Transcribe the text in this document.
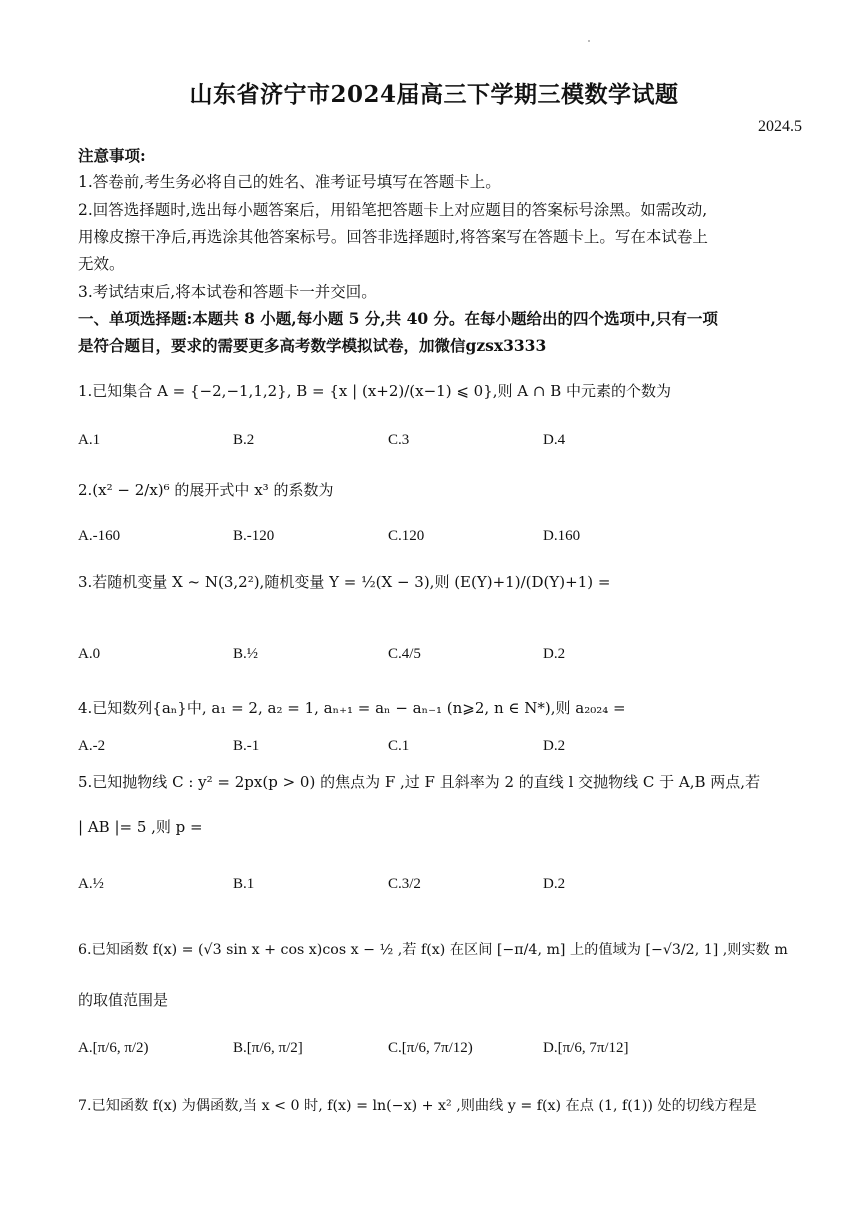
山东省济宁市2024届高三下学期三模数学试题
2024.5
注意事项:
1.答卷前,考生务必将自己的姓名、准考证号填写在答题卡上。
2.回答选择题时,选出每小题答案后，用铅笔把答题卡上对应题目的答案标号涂黑。如需改动,
用橡皮擦干净后,再选涂其他答案标号。回答非选择题时,将答案写在答题卡上。写在本试卷上
无效。
3.考试结束后,将本试卷和答题卡一并交回。
一、单项选择题:本题共 8 小题,每小题 5 分,共 40 分。在每小题给出的四个选项中,只有一项
是符合题目，要求的需要更多高考数学模拟试卷，加微信gzsx3333
1.已知集合 A = {−2,−1,1,2}, B = {x | (x+2)/(x−1) ⩽ 0},则 A ∩ B 中元素的个数为
A.1	B.2	C.3	D.4
2.(x² − 2/x)⁶ 的展开式中 x³ 的系数为
A.-160	B.-120	C.120	D.160
3.若随机变量 X ~ N(3,2²),随机变量 Y = ½(X − 3),则 (E(Y)+1)/(D(Y)+1) =
A.0	B.½	C.4/5	D.2
4.已知数列{aₙ}中, a₁ = 2, a₂ = 1, aₙ₊₁ = aₙ − aₙ₋₁ (n⩾2, n ∈ N*),则 a₂₀₂₄ =
A.-2	B.-1	C.1	D.2
5.已知抛物线 C : y² = 2px(p > 0) 的焦点为 F ,过 F 且斜率为 2 的直线 l 交抛物线 C 于 A,B 两点,若
| AB |= 5 ,则 p =
A.½	B.1	C.3/2	D.2
6.已知函数 f(x) = (√3 sin x + cos x)cos x − ½ ,若 f(x) 在区间 [−π/4, m] 上的值域为 [−√3/2, 1] ,则实数 m
的取值范围是
A.[π/6, π/2)	B.[π/6, π/2]	C.[π/6, 7π/12)	D.[π/6, 7π/12]
7.已知函数 f(x) 为偶函数,当 x < 0 时, f(x) = ln(−x) + x² ,则曲线 y = f(x) 在点 (1, f(1)) 处的切线方程是
